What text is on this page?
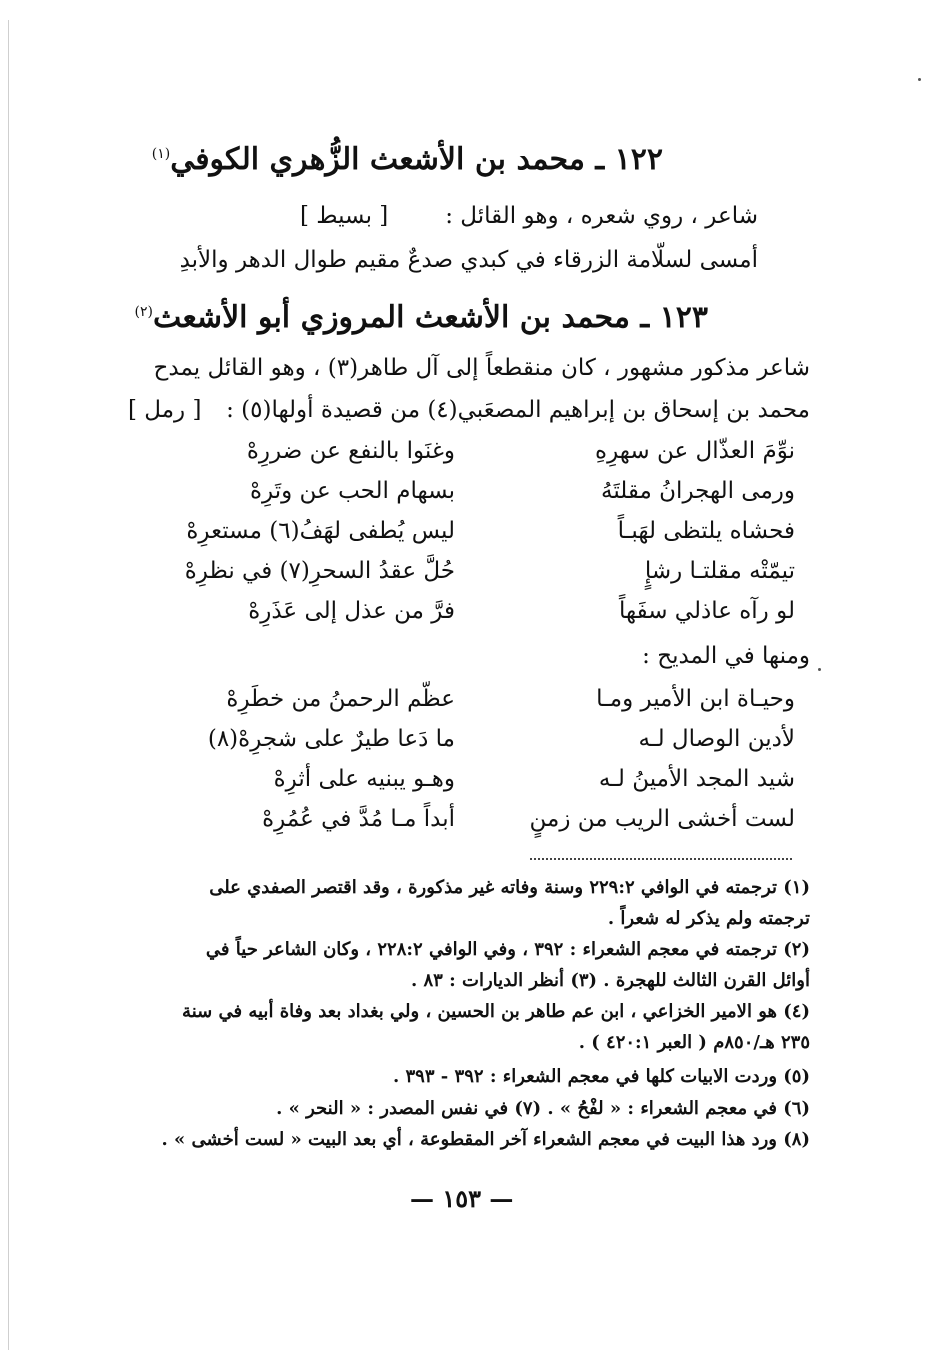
١٢٢ ـ محمد بن الأشعث الزُّهري الكوفي$^{(١)}$
شاعر ، روي شعره ، وهو القائل :
[ بسيط ]
أمسى لسلّامة الزرقاء في كبدي صدعٌ مقيم طوال الدهر والأبدِ
١٢٣ ـ محمد بن الأشعث المروزي أبو الأشعث$^{(٢)}$
شاعر مذكور مشهور ، كان منقطعاً إلى آل طاهر(٣) ، وهو القائل يمدح
محمد بن إسحاق بن إبراهيم المصعَبي(٤) من قصيدة أولها(٥) :
[ رمل ]
نوِّمَ العذّال عن سهرِهِ
وغنَوا بالنفع عن ضررِهْ
ورمى الهجرانُ مقلتَهُ
بسهام الحب عن وتَرِهْ
فحشاه يلتظى لهَبـاً
ليس يُطفى لهَفُ(٦) مستعرِهْ
تيمّتْه مقلتـا رشإٍ
حُلَّ عقدُ السحرِ(٧) في نظرِهْ
لو رآه عاذلي سفَهاً
فرَّ من عذل إلى عَذَرِهْ
ومنها في المديح :
وحيـاة ابن الأمير ومـا
عظّم الرحمنُ من خطَرِهْ
لأدين الوصال لـه
ما دَعا طيرٌ على شجرِهْ(٨)
شيد المجد الأمينُ لـه
وهـو يبنيه على أثرِهْ
لست أخشى الريب من زمنٍ
أبداً مـا مُدَّ في عُمُرِهْ
(١) ترجمته في الوافي ٢٢٩:٢ وسنة وفاته غير مذكورة ، وقد اقتصر الصفدي على
ترجمته ولم يذكر له شعراً .
(٢) ترجمته في معجم الشعراء : ٣٩٢ ، وفي الوافي ٢٢٨:٢ ، وكان الشاعر حياً في
أوائل القرن الثالث للهجرة . (٣) أنظر الديارات : ٨٣ .
(٤) هو الامير الخزاعي ، ابن عم طاهر بن الحسين ، ولي بغداد بعد وفاة أبيه في سنة
٢٣٥ هـ/٨٥٠م ( العبر ٤٢٠:١ ) .
(٥) وردت الابيات كلها في معجم الشعراء : ٣٩٢ - ٣٩٣ .
(٦) في معجم الشعراء : « لفْحُ » . (٧) في نفس المصدر : « النحر » .
(٨) ورد هذا البيت في معجم الشعراء آخر المقطوعة ، أي بعد البيت « لست أخشى » .
— ١٥٣ —
